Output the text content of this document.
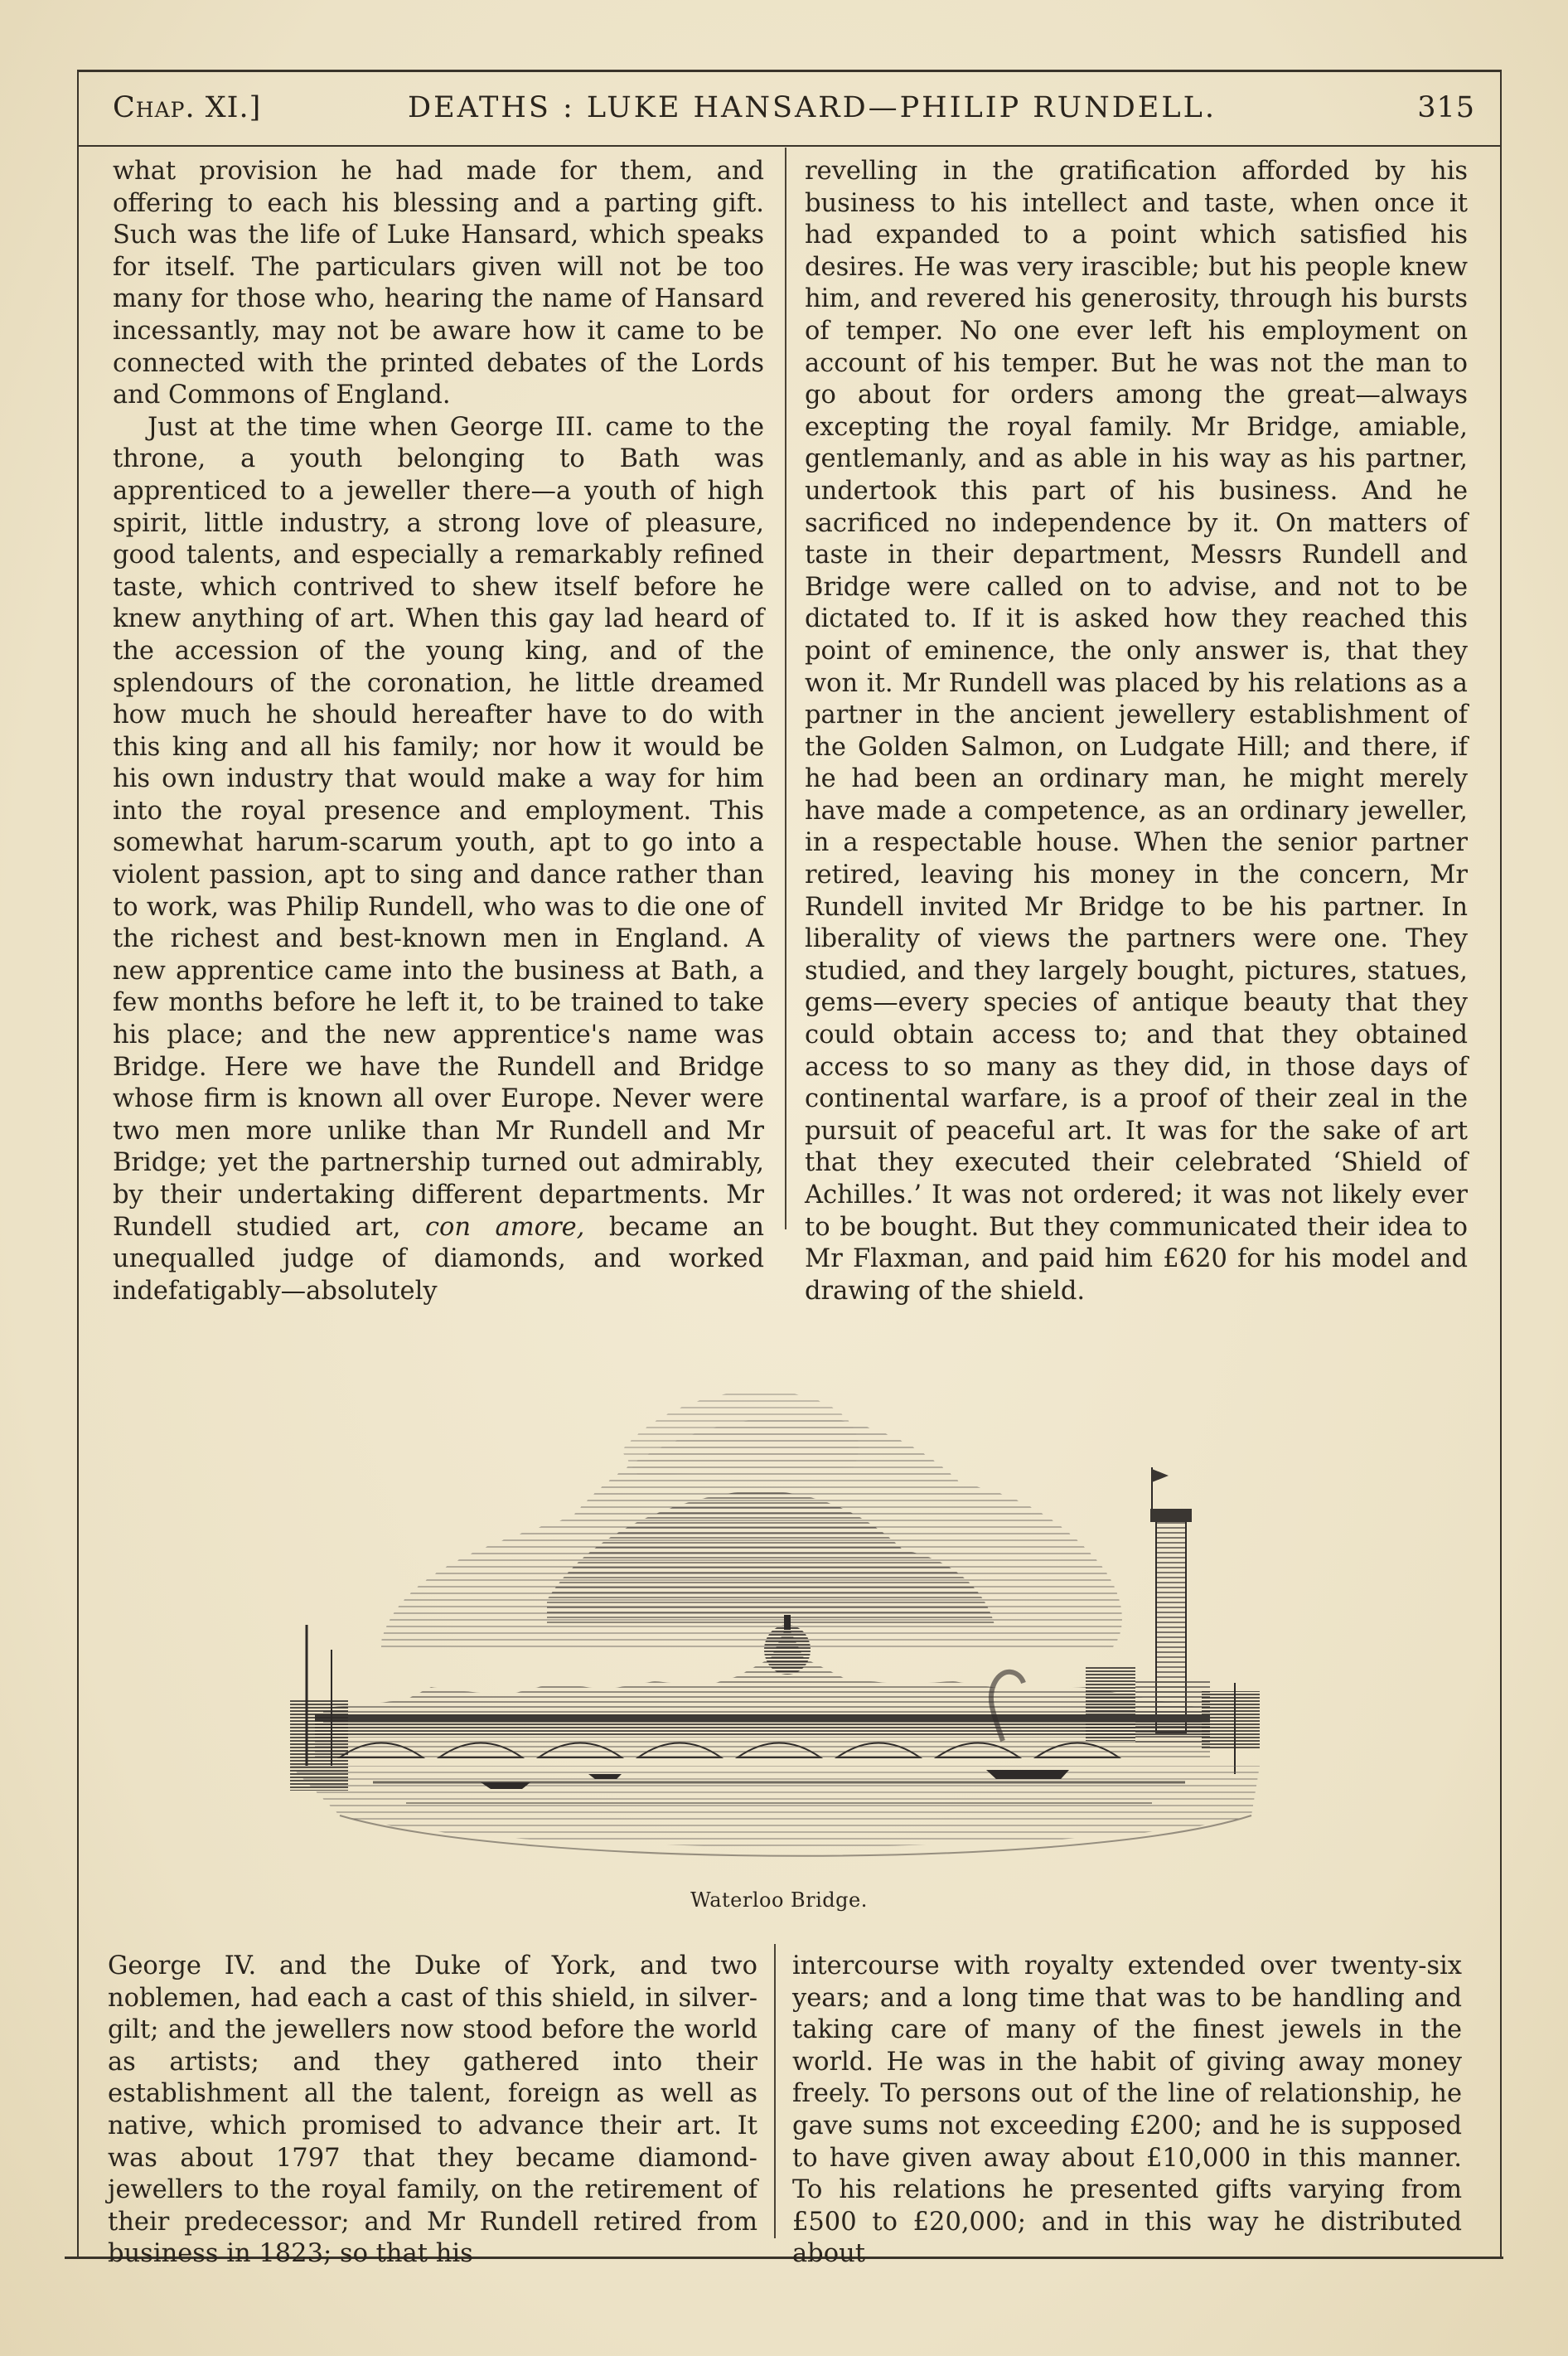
Chap. XI.]	DEATHS : LUKE HANSARD—PHILIP RUNDELL.	315

what provision he had made for them, and offering to each his blessing and a parting gift. Such was the life of Luke Hansard, which speaks for itself. The particulars given will not be too many for those who, hearing the name of Hansard incessantly, may not be aware how it came to be connected with the printed debates of the Lords and Commons of England.

Just at the time when George III. came to the throne, a youth belonging to Bath was apprenticed to a jeweller there—a youth of high spirit, little industry, a strong love of pleasure, good talents, and especially a remarkably refined taste, which contrived to shew itself before he knew anything of art. When this gay lad heard of the accession of the young king, and of the splendours of the coronation, he little dreamed how much he should hereafter have to do with this king and all his family; nor how it would be his own industry that would make a way for him into the royal presence and employment. This somewhat harum-scarum youth, apt to go into a violent passion, apt to sing and dance rather than to work, was Philip Rundell, who was to die one of the richest and best-known men in England. A new apprentice came into the business at Bath, a few months before he left it, to be trained to take his place; and the new apprentice's name was Bridge. Here we have the Rundell and Bridge whose firm is known all over Europe. Never were two men more unlike than Mr Rundell and Mr Bridge; yet the partnership turned out admirably, by their undertaking different departments. Mr Rundell studied art, con amore, became an unequalled judge of diamonds, and worked indefatigably—absolutely

revelling in the gratification afforded by his business to his intellect and taste, when once it had expanded to a point which satisfied his desires. He was very irascible; but his people knew him, and revered his generosity, through his bursts of temper. No one ever left his employment on account of his temper. But he was not the man to go about for orders among the great—always excepting the royal family. Mr Bridge, amiable, gentlemanly, and as able in his way as his partner, undertook this part of his business. And he sacrificed no independence by it. On matters of taste in their department, Messrs Rundell and Bridge were called on to advise, and not to be dictated to. If it is asked how they reached this point of eminence, the only answer is, that they won it. Mr Rundell was placed by his relations as a partner in the ancient jewellery establishment of the Golden Salmon, on Ludgate Hill; and there, if he had been an ordinary man, he might merely have made a competence, as an ordinary jeweller, in a respectable house. When the senior partner retired, leaving his money in the concern, Mr Rundell invited Mr Bridge to be his partner. In liberality of views the partners were one. They studied, and they largely bought, pictures, statues, gems—every species of antique beauty that they could obtain access to; and that they obtained access to so many as they did, in those days of continental warfare, is a proof of their zeal in the pursuit of peaceful art. It was for the sake of art that they executed their celebrated ‘Shield of Achilles.’ It was not ordered; it was not likely ever to be bought. But they communicated their idea to Mr Flaxman, and paid him £620 for his model and drawing of the shield.

Waterloo Bridge.

George IV. and the Duke of York, and two noblemen, had each a cast of this shield, in silver-gilt; and the jewellers now stood before the world as artists; and they gathered into their establishment all the talent, foreign as well as native, which promised to advance their art. It was about 1797 that they became diamond-jewellers to the royal family, on the retirement of their predecessor; and Mr Rundell retired from business in 1823; so that his

intercourse with royalty extended over twenty-six years; and a long time that was to be handling and taking care of many of the finest jewels in the world. He was in the habit of giving away money freely. To persons out of the line of relationship, he gave sums not exceeding £200; and he is supposed to have given away about £10,000 in this manner. To his relations he presented gifts varying from £500 to £20,000; and in this way he distributed about
